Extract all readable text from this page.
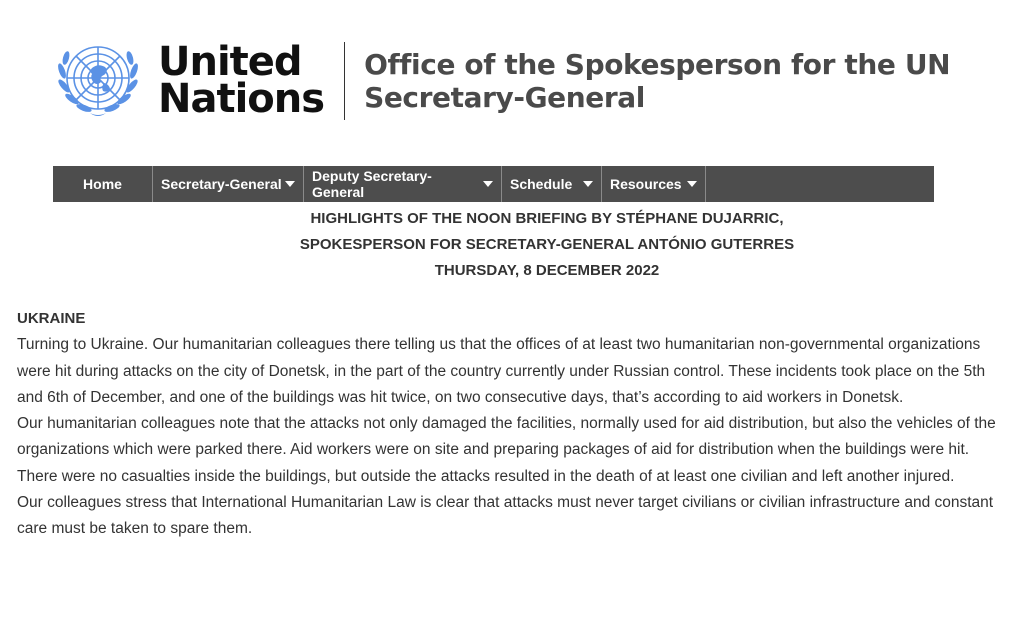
United
Nations
Office of the Spokesperson for the UN
Secretary-General
Home	Secretary-General Deputy Secretary-General	Schedule	Resources
HIGHLIGHTS OF THE NOON BRIEFING BY STÉPHANE DUJARRIC,
SPOKESPERSON FOR SECRETARY-GENERAL ANTÓNIO GUTERRES
THURSDAY, 8 DECEMBER 2022

UKRAINE

Turning to Ukraine. Our humanitarian colleagues there telling us that the offices of at least two humanitarian non-governmental organizations were hit during attacks on the city of Donetsk, in the part of the country currently under Russian control. These incidents took place on the 5th and 6th of December, and one of the buildings was hit twice, on two consecutive days, that’s according to aid workers in Donetsk.

Our humanitarian colleagues note that the attacks not only damaged the facilities, normally used for aid distribution, but also the vehicles of the organizations which were parked there. Aid workers were on site and preparing packages of aid for distribution when the buildings were hit. There were no casualties inside the buildings, but outside the attacks resulted in the death of at least one civilian and left another injured.

Our colleagues stress that International Humanitarian Law is clear that attacks must never target civilians or civilian infrastructure and constant care must be taken to spare them.
